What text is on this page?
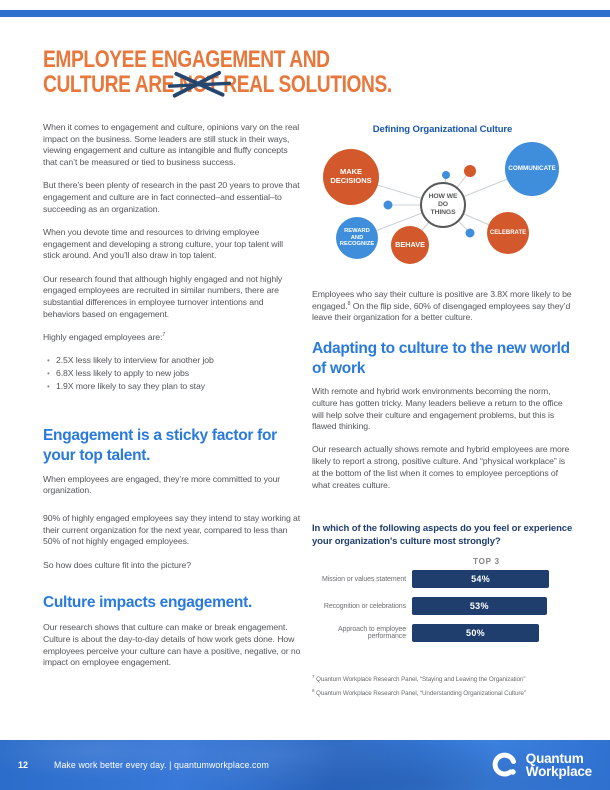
EMPLOYEE ENGAGEMENT AND
CULTURE ARE NOT
REAL SOLUTIONS.

When it comes to engagement and culture, opinions vary on the real impact on the business. Some leaders are still stuck in their ways, viewing engagement and culture as intangible and fluffy concepts that can’t be measured or tied to business success.

But there’s been plenty of research in the past 20 years to prove that engagement and culture are in fact connected–and essential–to succeeding as an organization.

When you devote time and resources to driving employee engagement and developing a strong culture, your top talent will stick around. And you’ll also draw in top talent.

Our research found that although highly engaged and not highly engaged employees are recruited in similar numbers, there are substantial differences in employee turnover intentions and behaviors based on engagement.

Highly engaged employees are:$^7$

• 2.5X less likely to interview for another job
• 6.8X less likely to apply to new jobs
• 1.9X more likely to say they plan to stay
Engagement is a sticky factor for your top talent.

When employees are engaged, they’re more committed to your organization.

90% of highly engaged employees say they intend to stay working at their current organization for the next year, compared to less than 50% of not highly engaged employees.

So how does culture fit into the picture?

Culture impacts engagement.

Our research shows that culture can make or break engagement. Culture is about the day-to-day details of how work gets done. How employees perceive your culture can have a positive, negative, or no impact on employee engagement.

Defining Organizational Culture
MAKE DECISIONS
COMMUNICATE
REWARD AND RECOGNIZE	BEHAVE
CELEBRATE
HOW WE DO THINGS

Employees who say their culture is positive are 3.8X more likely to be engaged.$^8$ On the flip side, 60% of disengaged employees say they’d leave their organization for a better culture.

Adapting to culture to the new world of work

With remote and hybrid work environments becoming the norm, culture has gotten tricky. Many leaders believe a return to the office will help solve their culture and engagement problems, but this is flawed thinking.

Our research actually shows remote and hybrid employees are more likely to report a strong, positive culture. And “physical workplace” is at the bottom of the list when it comes to employee perceptions of what creates culture.

In which of the following aspects do you feel or experience your organization's culture most strongly?
TOP 3
Mission or values statement	54%
Recognition or celebrations	53%
Approach to employee performance	50%

$^7$ Quantum Workplace Research Panel, “Staying and Leaving the Organization”

$^8$ Quantum Workplace Research Panel, “Understanding Organizational Culture”

12	Make work better every day. | quantumworkplace.com	Quantum
Workplace
